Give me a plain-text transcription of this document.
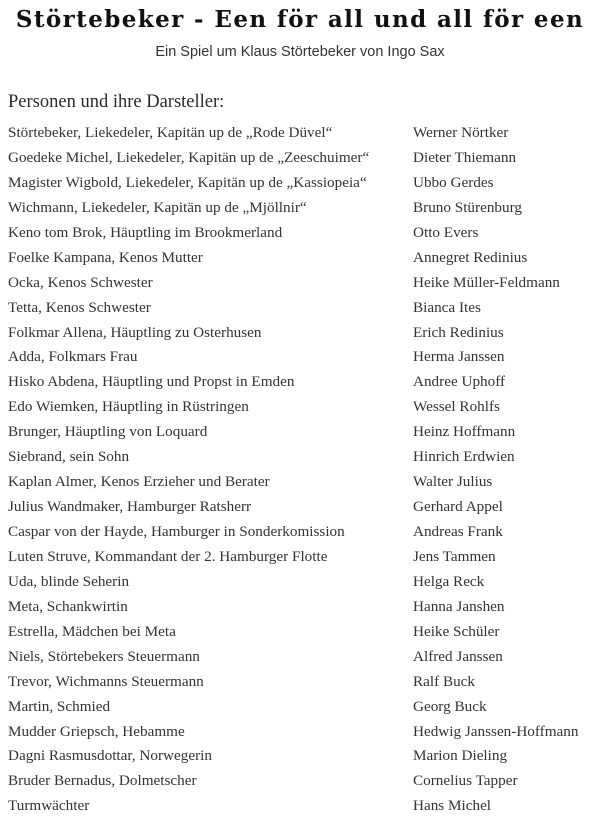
Störtebeker - Een för all und all för een
Ein Spiel um Klaus Störtebeker von Ingo Sax
Personen und ihre Darsteller:
Störtebeker, Liekedeler, Kapitän up de „Rode Düvel“	Werner Nörtker
Goedeke Michel, Liekedeler, Kapitän up de „Zeeschuimer“	Dieter Thiemann
Magister Wigbold, Liekedeler, Kapitän up de „Kassiopeia“	Ubbo Gerdes
Wichmann, Liekedeler, Kapitän up de „Mjöllnir“	Bruno Stürenburg
Keno tom Brok, Häuptling im Brookmerland	Otto Evers
Foelke Kampana, Kenos Mutter	Annegret Redinius
Ocka, Kenos Schwester	Heike Müller-Feldmann
Tetta, Kenos Schwester	Bianca Ites
Folkmar Allena, Häuptling zu Osterhusen	Erich Redinius
Adda, Folkmars Frau	Herma Janssen
Hisko Abdena, Häuptling und Propst in Emden	Andree Uphoff
Edo Wiemken, Häuptling in Rüstringen	Wessel Rohlfs
Brunger, Häuptling von Loquard	Heinz Hoffmann
Siebrand, sein Sohn	Hinrich Erdwien
Kaplan Almer, Kenos Erzieher und Berater	Walter Julius
Julius Wandmaker, Hamburger Ratsherr	Gerhard Appel
Caspar von der Hayde, Hamburger in Sonderkomission	Andreas Frank
Luten Struve, Kommandant der 2. Hamburger Flotte	Jens Tammen
Uda, blinde Seherin	Helga Reck
Meta, Schankwirtin	Hanna Janshen
Estrella, Mädchen bei Meta	Heike Schüler
Niels, Störtebekers Steuermann	Alfred Janssen
Trevor, Wichmanns Steuermann	Ralf Buck
Martin, Schmied	Georg Buck
Mudder Griepsch, Hebamme	Hedwig Janssen-Hoffmann
Dagni Rasmusdottar, Norwegerin	Marion Dieling
Bruder Bernadus, Dolmetscher	Cornelius Tapper
Turmwächter	Hans Michel
